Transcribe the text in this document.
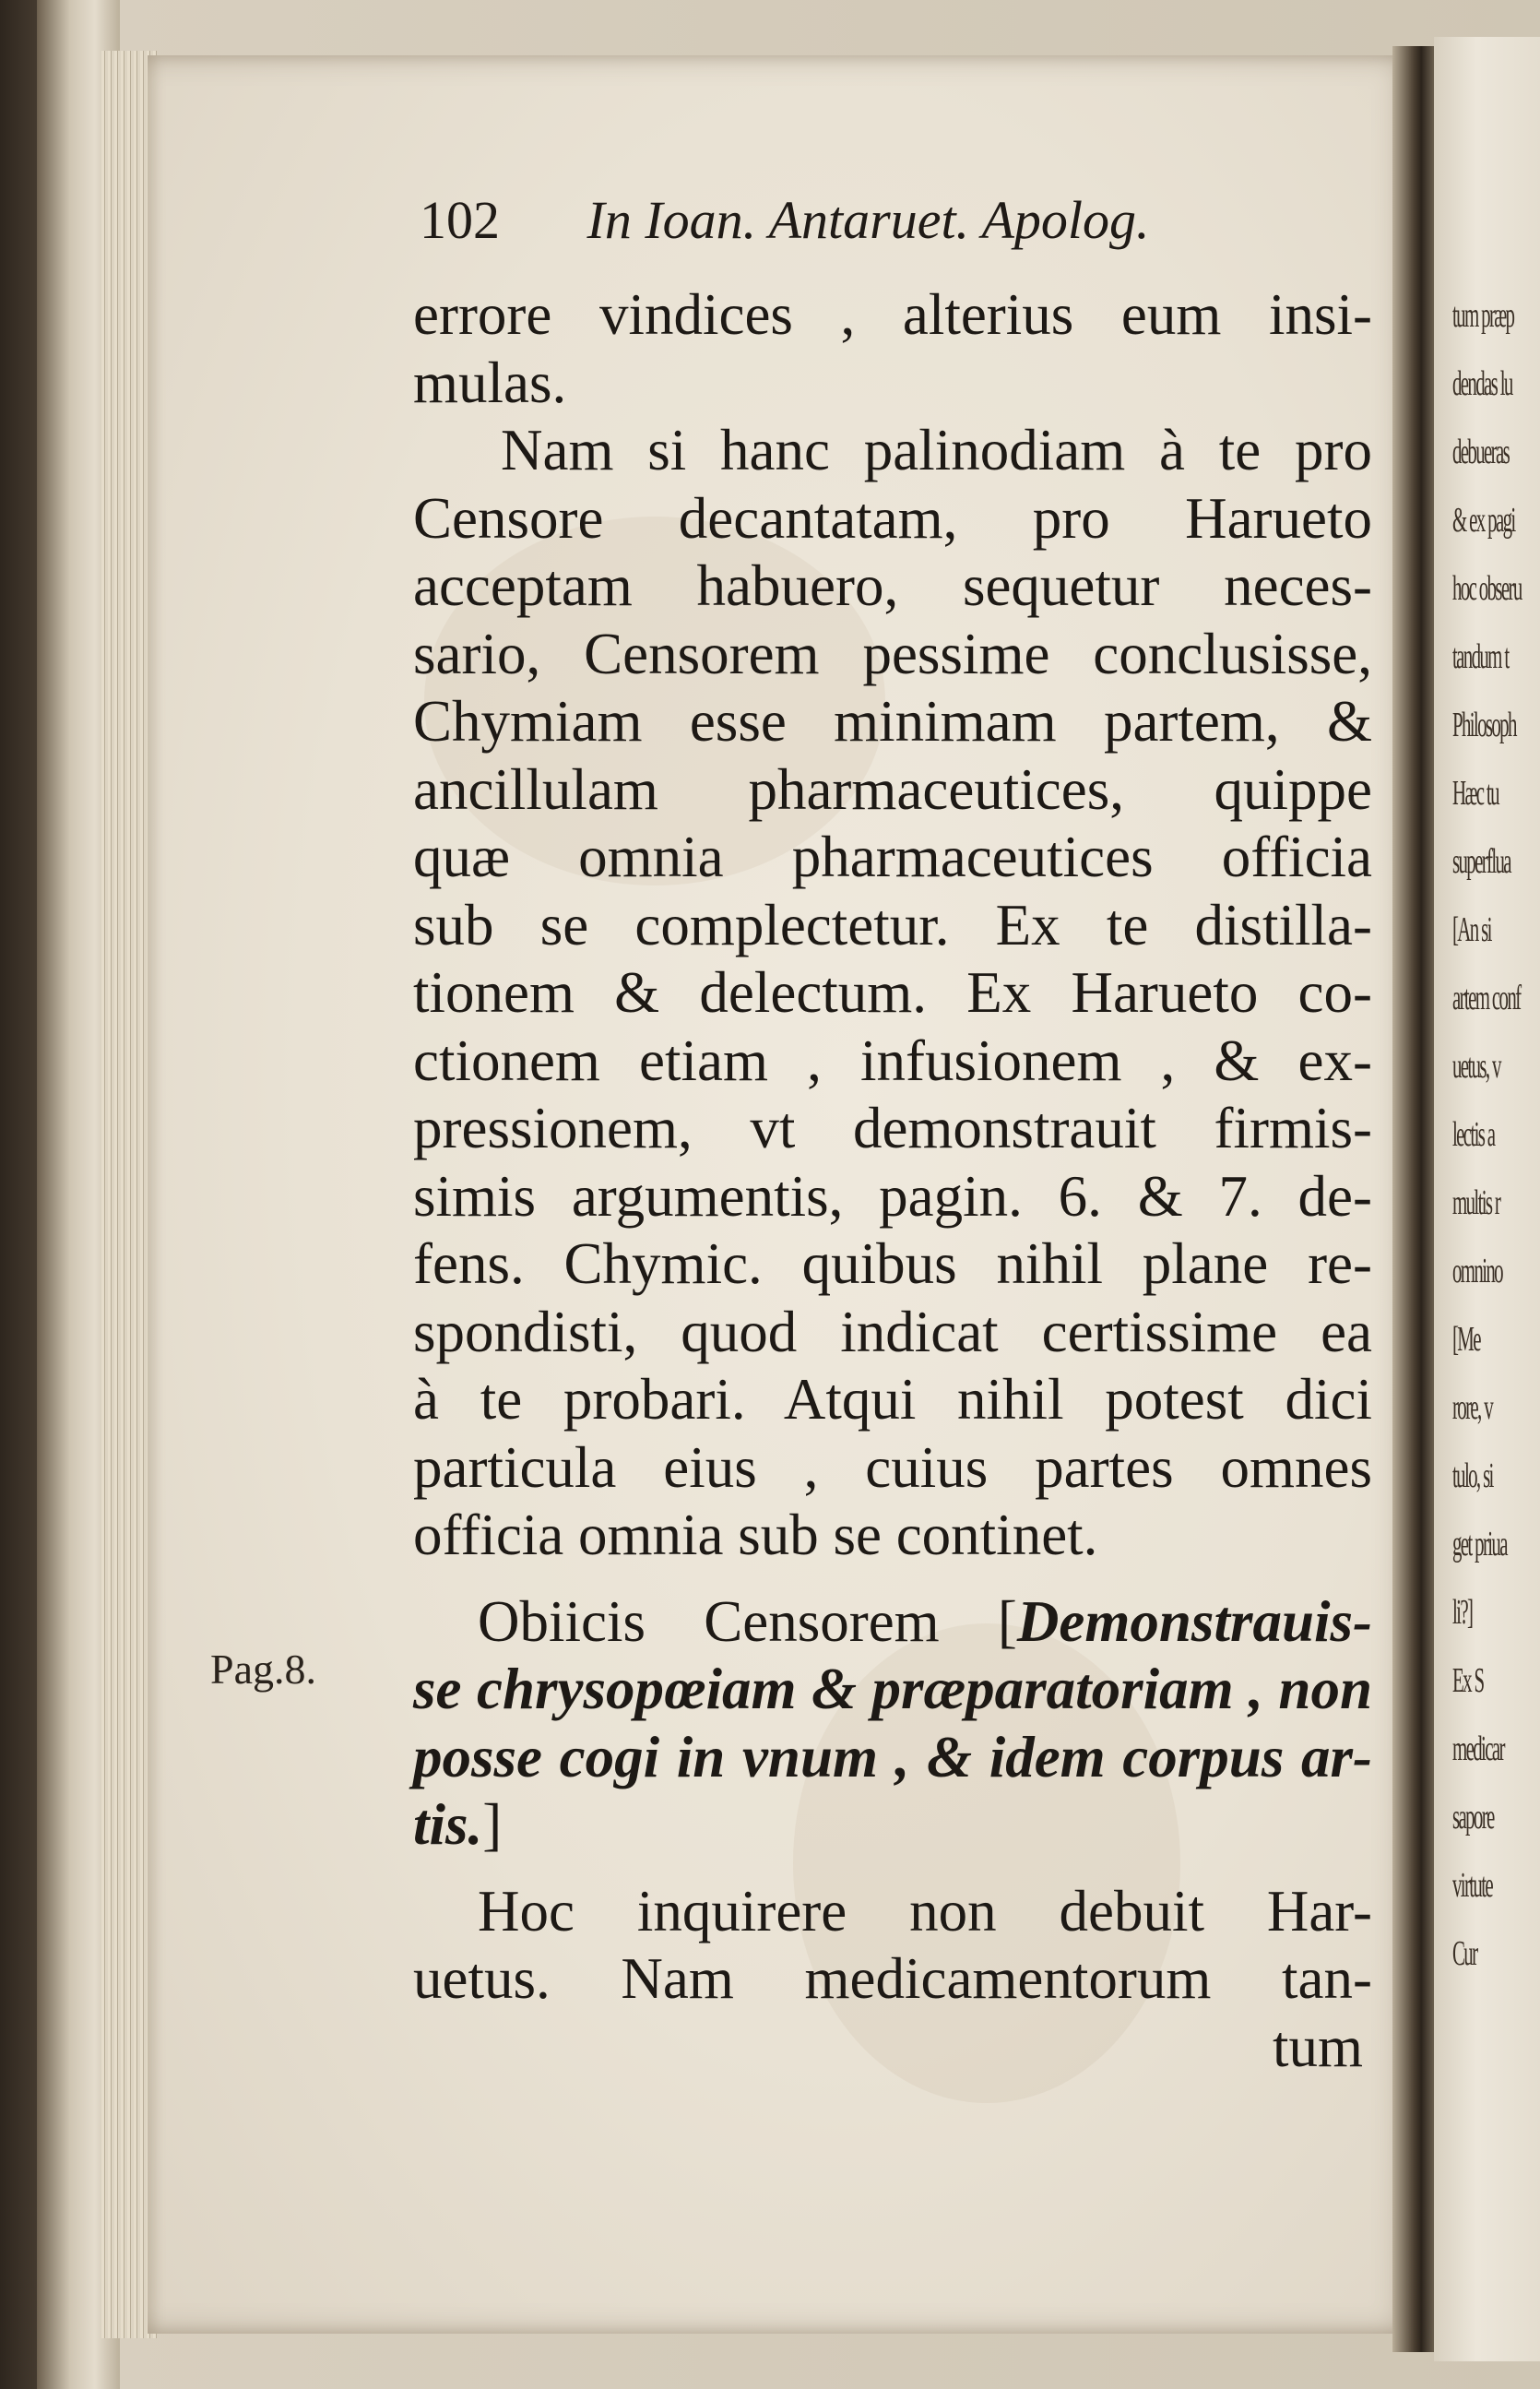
tum præp
dendas lu
debueras
& ex pagi
hoc obseru
tandum t
Philosoph
Hæc tu
superflua
[An si
artem conf
uetus, v
lectis a
multis r
omnino
[Me
rore, v
tulo, si
get priua
li?]
Ex S
medicar
sapore
virtute
Cur
102 In Ioan. Antaruet. Apolog.
Pag.8.
errore vindices , alterius eum insi-
mulas.
Nam si hanc palinodiam à te pro
Censore decantatam, pro Harueto
acceptam habuero, sequetur neces-
sario, Censorem pessime conclusisse,
Chymiam esse minimam partem, &
ancillulam pharmaceutices, quippe
quæ omnia pharmaceutices officia
sub se complectetur. Ex te distilla-
tionem & delectum. Ex Harueto co-
ctionem etiam , infusionem , & ex-
pressionem, vt demonstrauit firmis-
simis argumentis, pagin. 6. & 7. de-
fens. Chymic. quibus nihil plane re-
spondisti, quod indicat certissime ea
à te probari. Atqui nihil potest dici
particula eius , cuius partes omnes
officia omnia sub se continet.
Obiicis Censorem [Demonstrauis-
se chrysopœiam & præparatoriam , non
posse cogi in vnum , & idem corpus ar-
tis.]
Hoc inquirere non debuit Har-
uetus. Nam medicamentorum tan-
tum
